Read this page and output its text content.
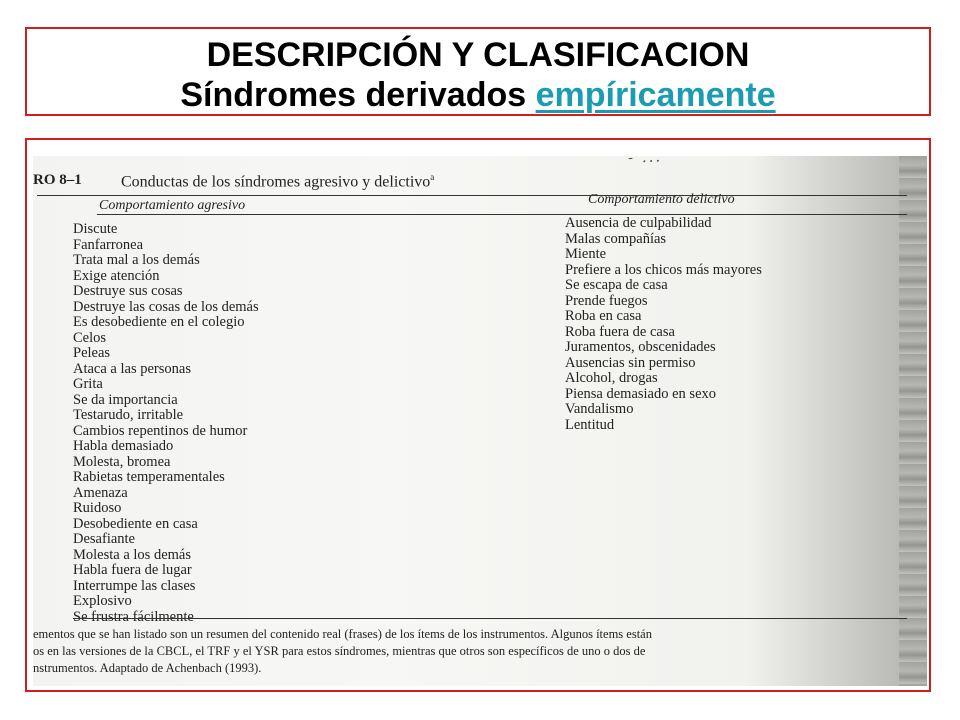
DESCRIPCIÓN Y CLASIFICACION
Síndromes derivados empíricamente
- ...
RO 8–1 Conductas de los síndromes agresivo y delictivo$^a$
Comportamiento agresivo	Comportamiento delictivo
Discute
Fanfarronea
Trata mal a los demás
Exige atención
Destruye sus cosas
Destruye las cosas de los demás
Es desobediente en el colegio
Celos
Peleas
Ataca a las personas
Grita
Se da importancia
Testarudo, irritable
Cambios repentinos de humor
Habla demasiado
Molesta, bromea
Rabietas temperamentales
Amenaza
Ruidoso
Desobediente en casa
Desafiante
Molesta a los demás
Habla fuera de lugar
Interrumpe las clases
Explosivo
Se frustra fácilmente
Ausencia de culpabilidad
Malas compañías
Miente
Prefiere a los chicos más mayores
Se escapa de casa
Prende fuegos
Roba en casa
Roba fuera de casa
Juramentos, obscenidades
Ausencias sin permiso
Alcohol, drogas
Piensa demasiado en sexo
Vandalismo
Lentitud
ementos que se han listado son un resumen del contenido real (frases) de los ítems de los instrumentos. Algunos ítems están
os en las versiones de la CBCL, el TRF y el YSR para estos síndromes, mientras que otros son específicos de uno o dos de
nstrumentos. Adaptado de Achenbach (1993).
